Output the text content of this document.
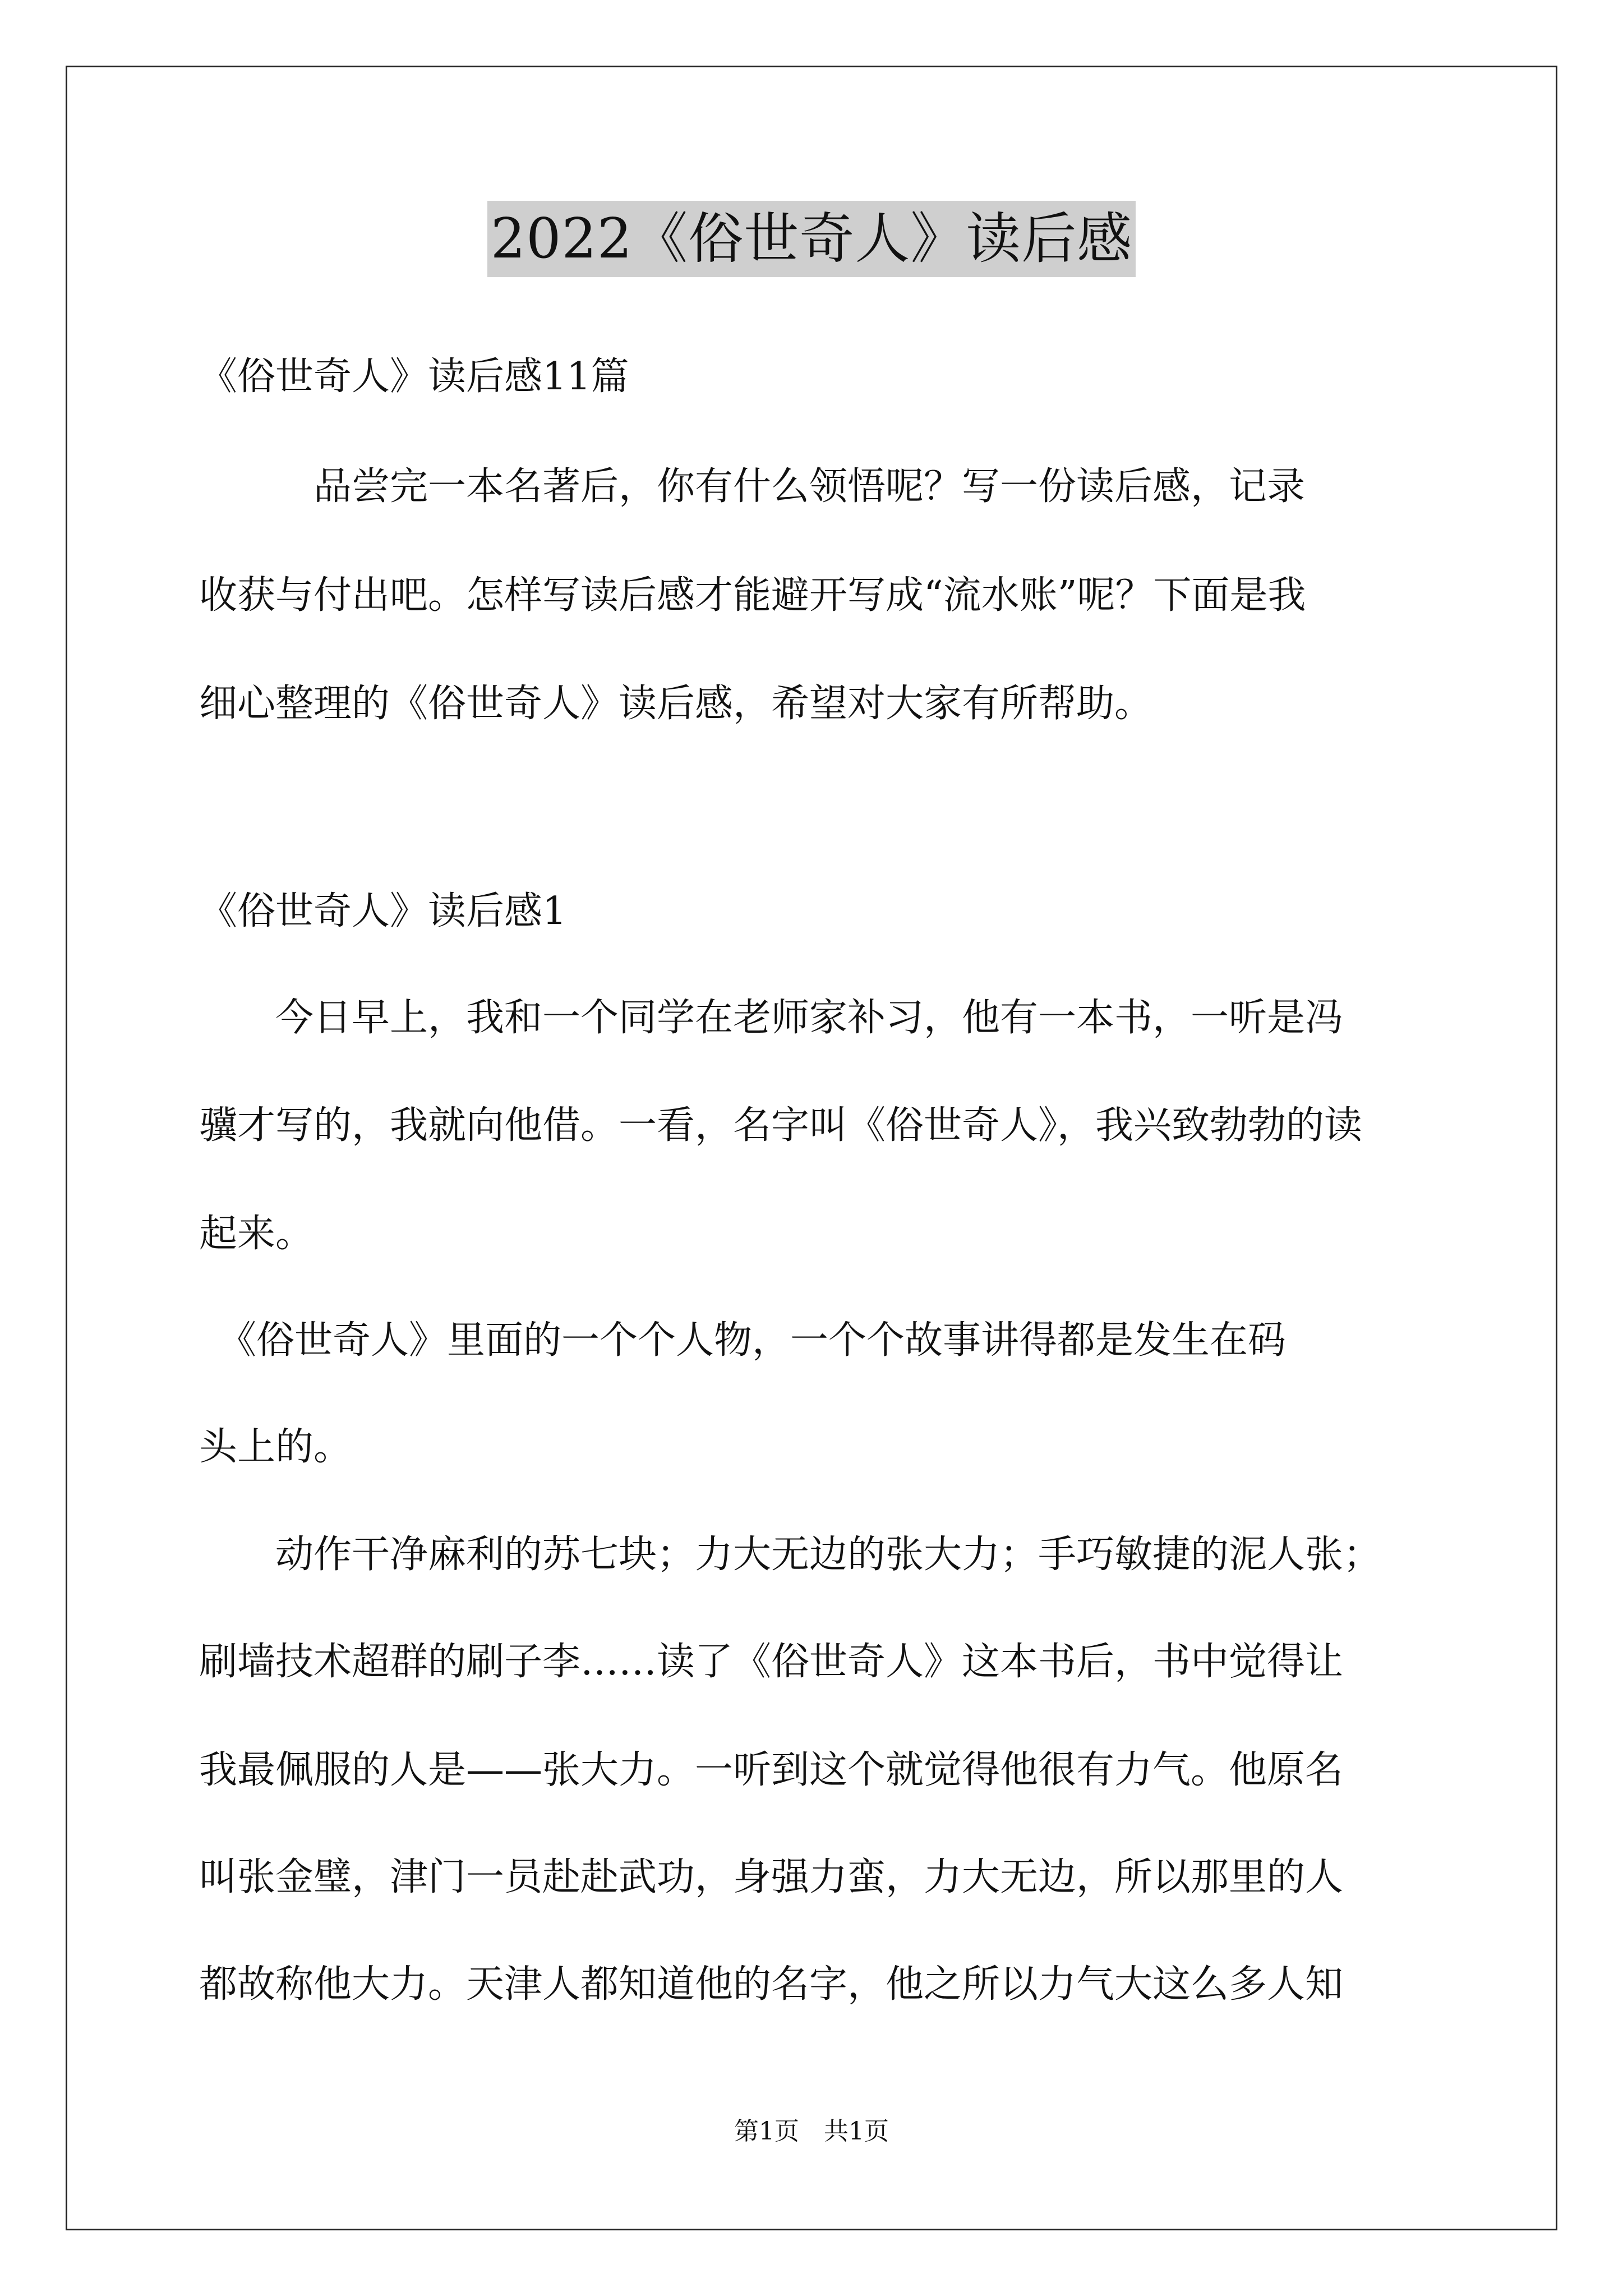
2022《俗世奇人》读后感
《俗世奇人》读后感11篇
　　　品尝完一本名著后，你有什么领悟呢？写一份读后感，记录
收获与付出吧。怎样写读后感才能避开写成“流水账”呢？下面是我
细心整理的《俗世奇人》读后感，希望对大家有所帮助。
《俗世奇人》读后感1
　　今日早上，我和一个同学在老师家补习，他有一本书，一听是冯
骥才写的，我就向他借。一看，名字叫《俗世奇人》，我兴致勃勃的读
起来。
　《俗世奇人》里面的一个个人物，一个个故事讲得都是发生在码
头上的。
　　动作干净麻利的苏七块；力大无边的张大力；手巧敏捷的泥人张；
刷墙技术超群的刷子李……读了《俗世奇人》这本书后，书中觉得让
我最佩服的人是——张大力。一听到这个就觉得他很有力气。他原名
叫张金璧，津门一员赴赴武功，身强力蛮，力大无边，所以那里的人
都故称他大力。天津人都知道他的名字，他之所以力气大这么多人知
第1页　共1页
